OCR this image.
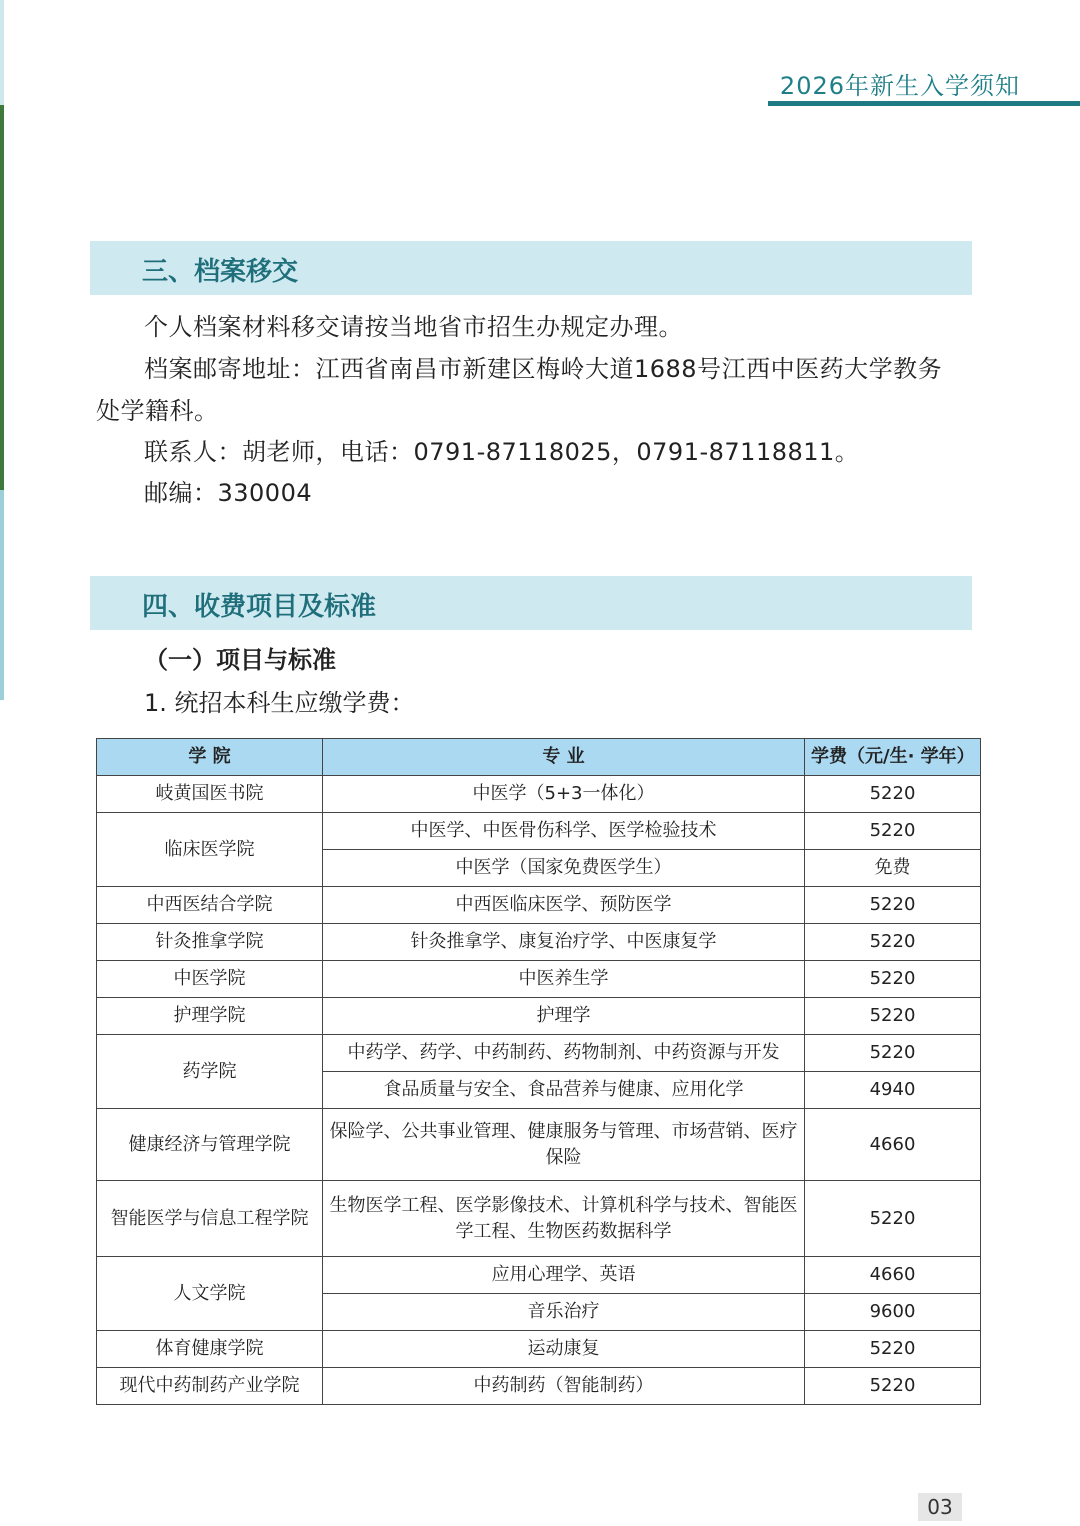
2026年新生入学须知
三、档案移交
个人档案材料移交请按当地省市招生办规定办理。
档案邮寄地址：江西省南昌市新建区梅岭大道1688号江西中医药大学教务
处学籍科。
联系人：胡老师，电话：0791-87118025，0791-87118811。
邮编：330004
四、收费项目及标准
（一）项目与标准
1. 统招本科生应缴学费：
学 院	专 业	学费（元/生· 学年）
岐黄国医书院	中医学（5+3一体化）	5220
临床医学院	中医学、中医骨伤科学、医学检验技术	5220
	中医学（国家免费医学生）	免费
中西医结合学院	中西医临床医学、预防医学	5220
针灸推拿学院	针灸推拿学、康复治疗学、中医康复学	5220
中医学院	中医养生学	5220
护理学院	护理学	5220
药学院	中药学、药学、中药制药、药物制剂、中药资源与开发	5220
	食品质量与安全、食品营养与健康、应用化学	4940
健康经济与管理学院	保险学、公共事业管理、健康服务与管理、市场营销、医疗保险	4660
智能医学与信息工程学院	生物医学工程、医学影像技术、计算机科学与技术、智能医学工程、生物医药数据科学	5220
人文学院	应用心理学、英语	4660
	音乐治疗	9600
体育健康学院	运动康复	5220
现代中药制药产业学院	中药制药（智能制药）	5220
03
